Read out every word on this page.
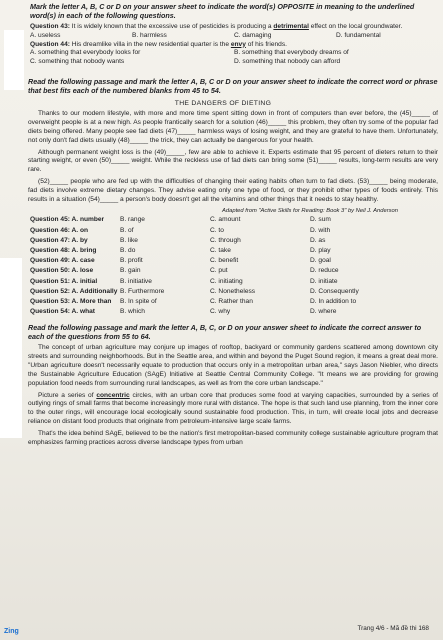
Mark the letter A, B, C or D on your answer sheet to indicate the word(s) OPPOSITE in meaning to the underlined word(s) in each of the following questions.
Question 43: It is widely known that the excessive use of pesticides is producing a detrimental effect on the local groundwater.
A. useless	B. harmless	C. damaging	D. fundamental
Question 44: His dreamlike villa in the new residential quarter is the envy of his friends.
A. something that everybody looks for	B. something that everybody dreams of
C. something that nobody wants	D. something that nobody can afford
Read the following passage and mark the letter A, B, C or D on your answer sheet to indicate the correct word or phrase that best fits each of the numbered blanks from 45 to 54.
THE DANGERS OF DIETING

Thanks to our modern lifestyle, with more and more time spent sitting down in front of computers than ever before, the (45)_____ of overweight people is at a new high. As people frantically search for a solution (46)_____ this problem, they often try some of the popular fad diets being offered. Many people see fad diets (47)_____ harmless ways of losing weight, and they are grateful to have them. Unfortunately, not only don't fad diets usually (48)_____ the trick, they can actually be dangerous for your health.

Although permanent weight loss is the (49)_____, few are able to achieve it. Experts estimate that 95 percent of dieters return to their starting weight, or even (50)_____ weight. While the reckless use of fad diets can bring some (51)_____ results, long-term results are very rare.

(52)_____ people who are fed up with the difficulties of changing their eating habits often turn to fad diets. (53)_____ being moderate, fad diets involve extreme dietary changes. They advise eating only one type of food, or they prohibit other types of foods entirely. This results in a situation (54)_____ a person's body doesn't get all the vitamins and other things that it needs to stay healthy.

Adapted from "Active Skills for Reading: Book 3" by Neil J. Anderson
Question 45: A. number	B. range	C. amount	D. sum
Question 46: A. on	B. of	C. to	D. with
Question 47: A. by	B. like	C. through	D. as
Question 48: A. bring	B. do	C. take	D. play
Question 49: A. case	B. profit	C. benefit	D. goal
Question 50: A. lose	B. gain	C. put	D. reduce
Question 51: A. initial	B. initiative	C. initiating	D. initiate
Question 52: A. Additionally B. Furthermore	C. Nonetheless	D. Consequently
Question 53: A. More than	B. In spite of	C. Rather than	D. In addition to
Question 54: A. what	B. which	C. why	D. where
Read the following passage and mark the letter A, B, C, or D on your answer sheet to indicate the correct answer to each of the questions from 55 to 64.

The concept of urban agriculture may conjure up images of rooftop, backyard or community gardens scattered among downtown city streets and surrounding neighborhoods. But in the Seattle area, and within and beyond the Puget Sound region, it means a great deal more. "Urban agriculture doesn't necessarily equate to production that occurs only in a metropolitan urban area," says Jason Niebler, who directs the Sustainable Agriculture Education (SAgE) Initiative at Seattle Central Community College. "It means we are providing for growing population food needs from surrounding rural landscapes, as well as from the core urban landscape."

Picture a series of concentric circles, with an urban core that produces some food at varying capacities, surrounded by a series of outlying rings of small farms that become increasingly more rural with distance. The hope is that such land use planning, from the inner core to the outer rings, will encourage local ecologically sound sustainable food production. This, in turn, will create local jobs and decrease reliance on distant food products that originate from petroleum-intensive large scale farms.

That's the idea behind SAgE, believed to be the nation's first metropolitan-based community college sustainable agriculture program that emphasizes farming practices across diverse landscape types from urban

Zing	Trang 4/6 - Mã đề thi 168
